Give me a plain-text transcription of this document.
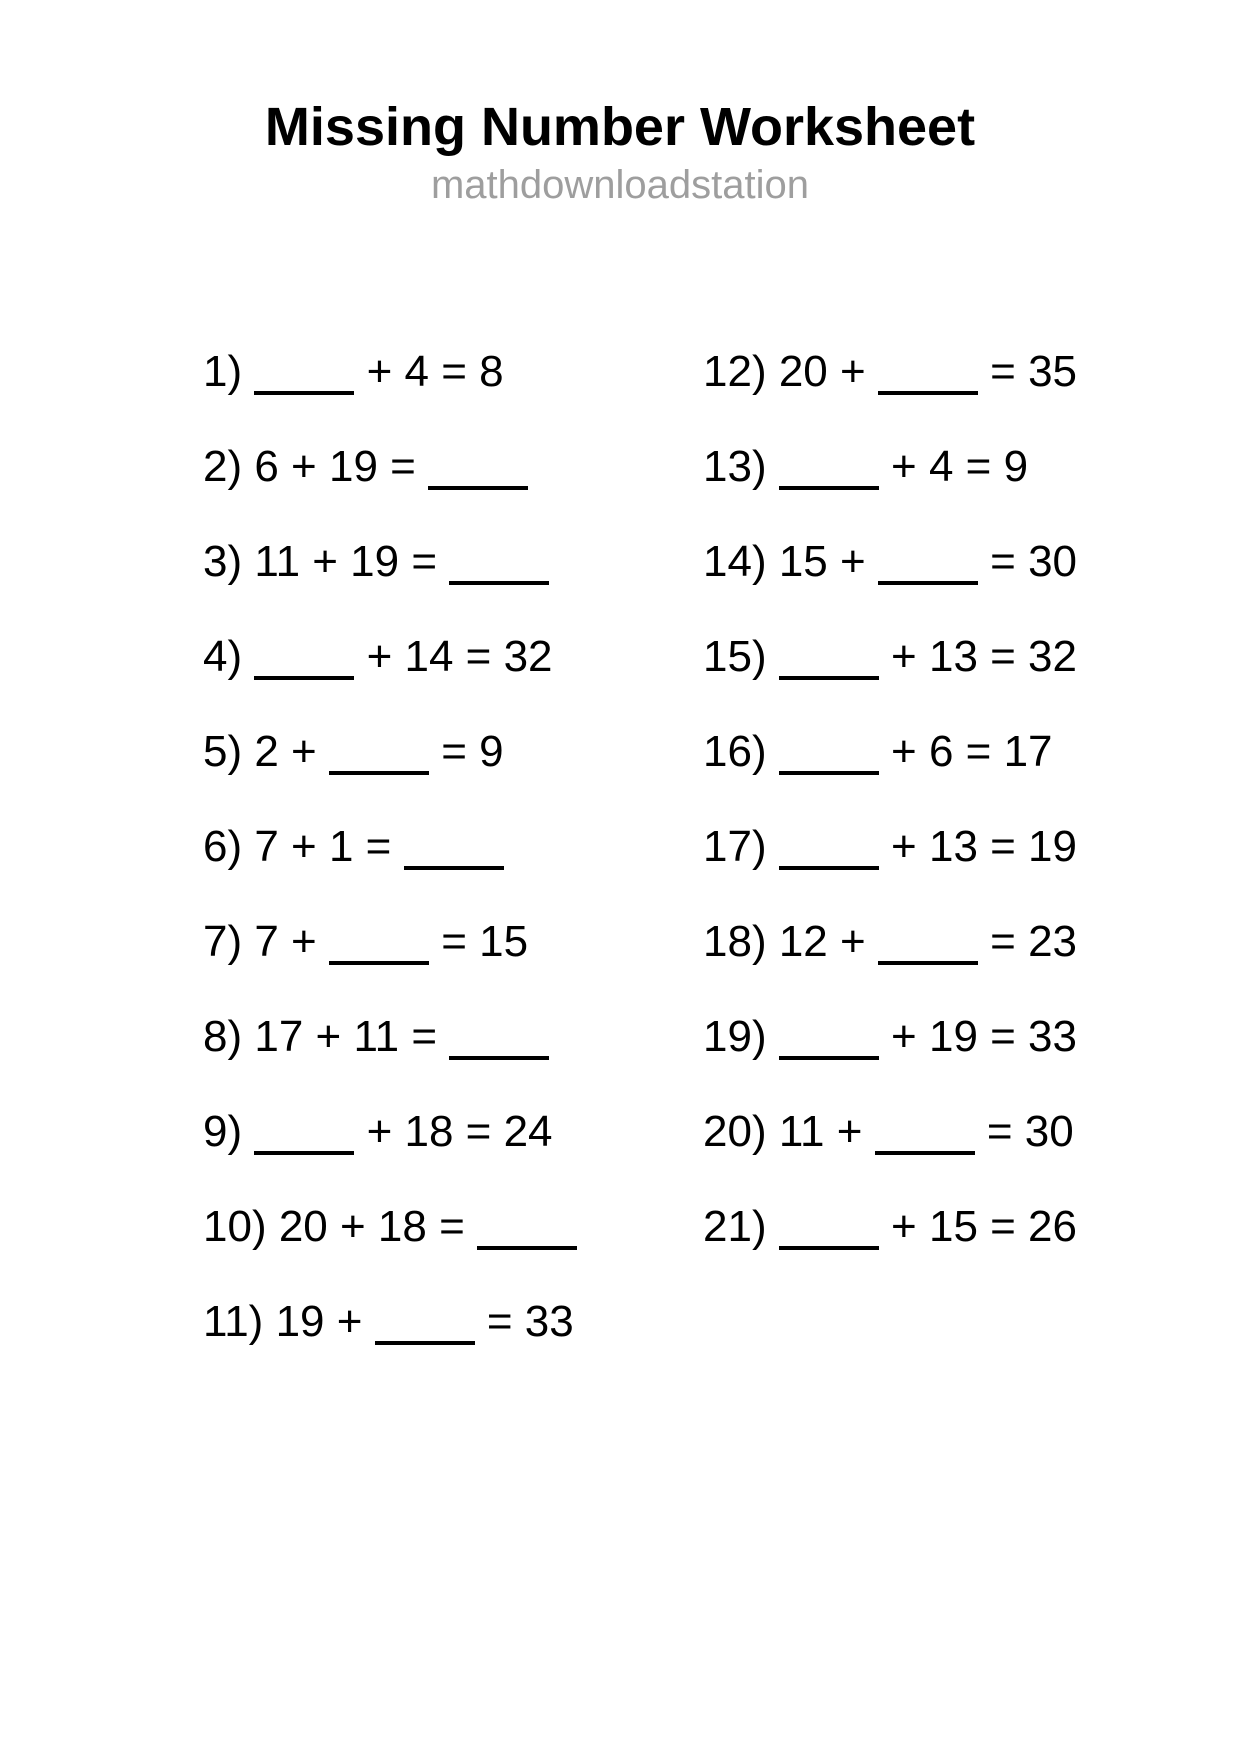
Missing Number Worksheet
mathdownloadstation
1)  + 4 = 8
2) 6 + 19 =
3) 11 + 19 =
4)  + 14 = 32
5) 2 +  = 9
6) 7 + 1 =
7) 7 +  = 15
8) 17 + 11 =
9)  + 18 = 24
10) 20 + 18 =
11) 19 +  = 33
12) 20 +  = 35
13)  + 4 = 9
14) 15 +  = 30
15)  + 13 = 32
16)  + 6 = 17
17)  + 13 = 19
18) 12 +  = 23
19)  + 19 = 33
20) 11 +  = 30
21)  + 15 = 26
